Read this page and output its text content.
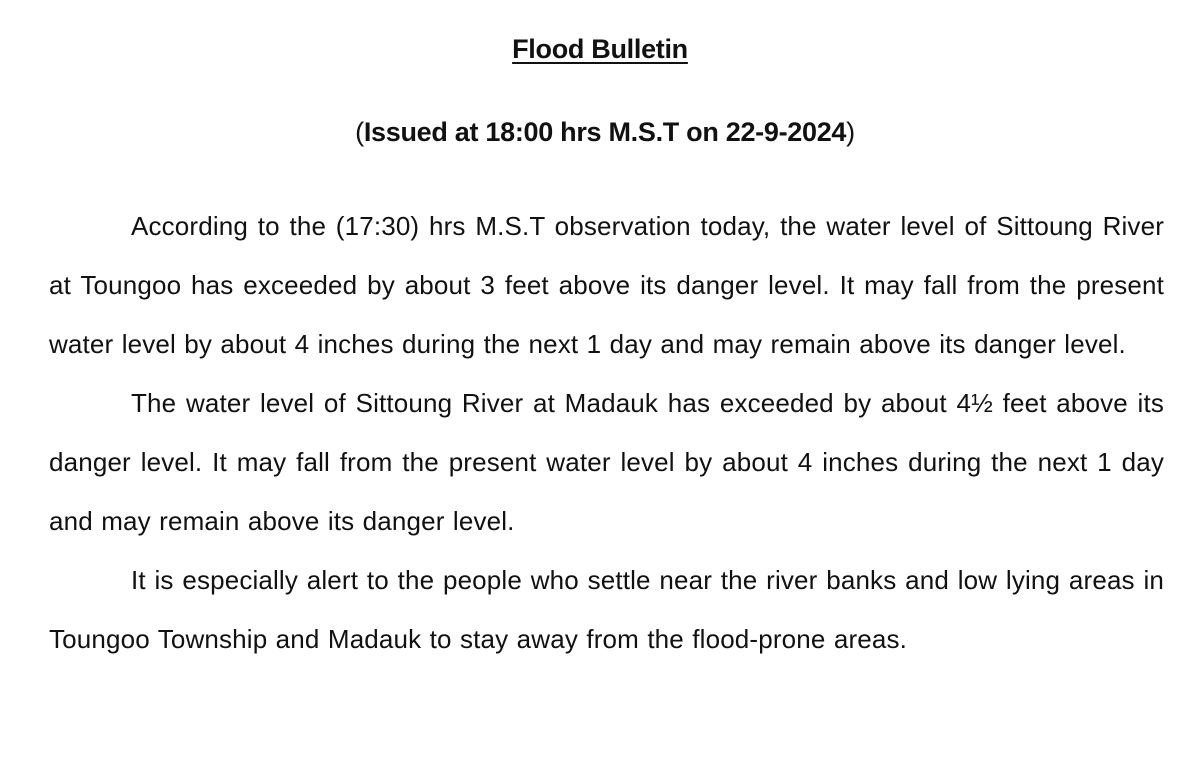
Flood Bulletin
(Issued at 18:00 hrs M.S.T on 22-9-2024)

According to the (17:30) hrs M.S.T observation today, the water level of Sittoung River at Toungoo has exceeded by about 3 feet above its danger level. It may fall from the present water level by about 4 inches during the next 1 day and may remain above its danger level.

The water level of Sittoung River at Madauk has exceeded by about 4½ feet above its danger level. It may fall from the present water level by about 4 inches during the next 1 day and may remain above its danger level.

It is especially alert to the people who settle near the river banks and low lying areas in Toungoo Township and Madauk to stay away from the flood-prone areas.
